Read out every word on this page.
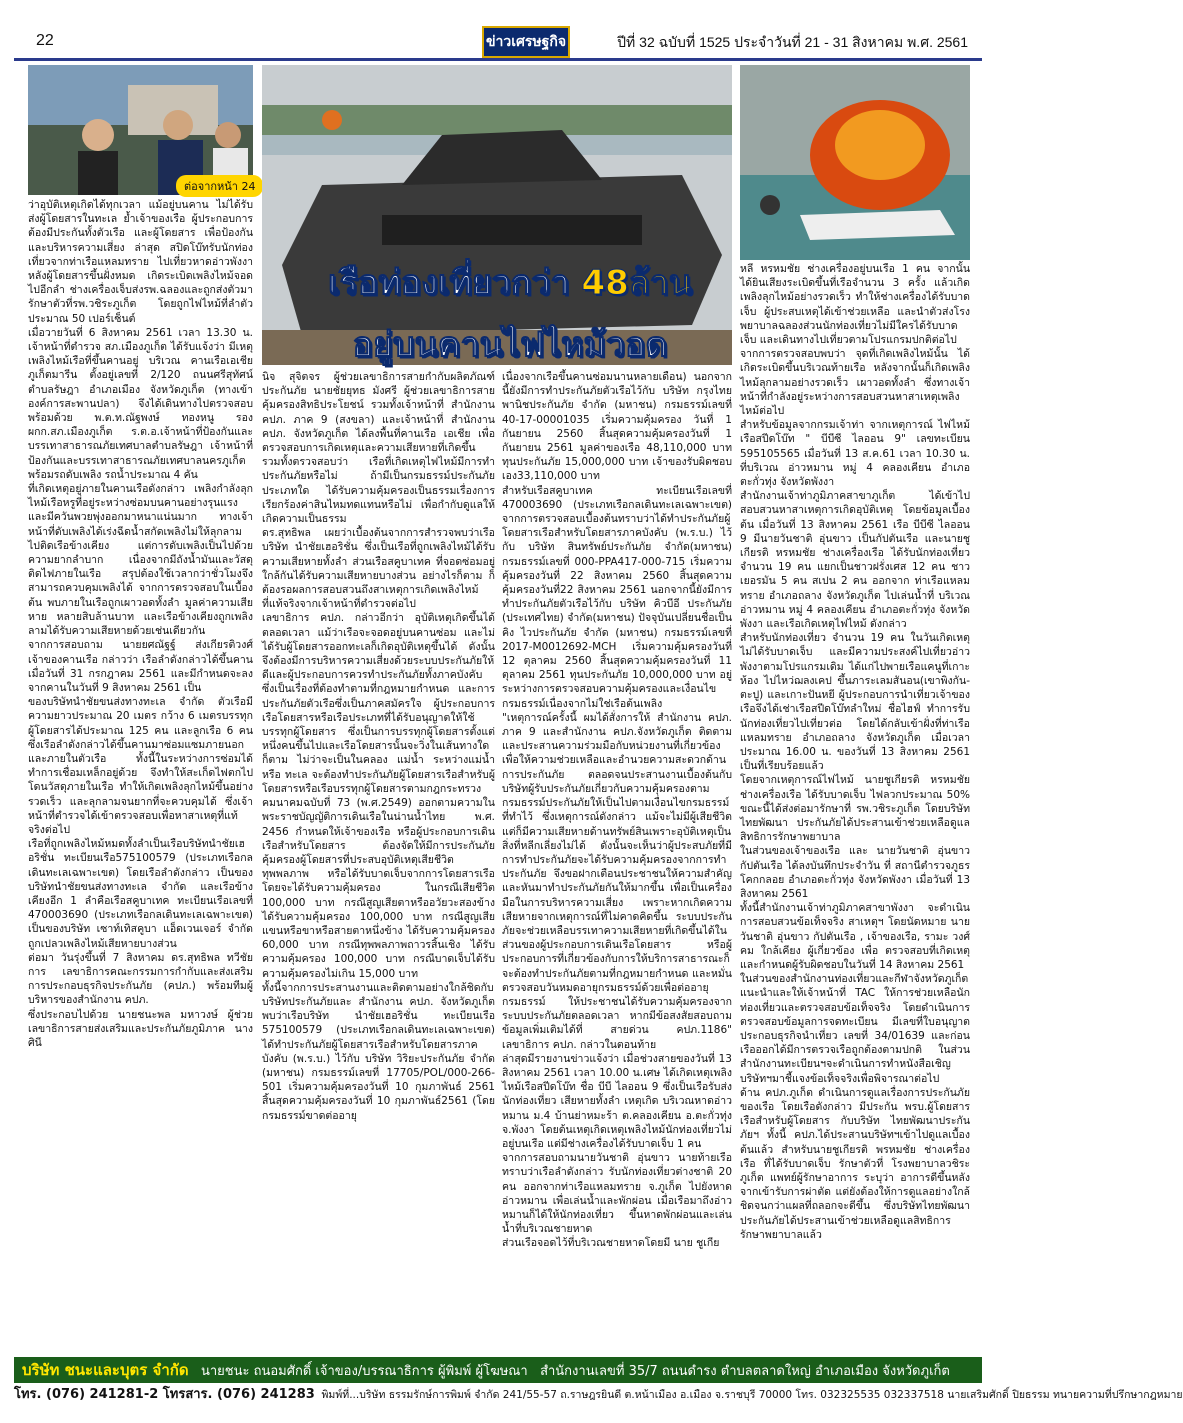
22	ข่าวเศรษฐกิจ	ปีที่ 32 ฉบับที่ 1525 ประจำวันที่ 21 - 31 สิงหาคม พ.ศ. 2561
ต่อจากหน้า 24
เรือท่องเที่ยวกว่า 48ล้าน
อยู่บนคานไฟไหม้วอด
ว่าอุบัติเหตุเกิดได้ทุกเวลา แม้อยู่บนคาน ไม่ได้รับส่งผู้โดยสารในทะเล ย้ำเจ้าของเรือ ผู้ประกอบการต้องมีประกันทั้งตัวเรือ และผู้โดยสาร เพื่อป้องกันและบริหารความเสี่ยง ล่าสุด สปิดโบ๊ทรับนักท่องเที่ยวจากท่าเรือแหลมทราย ไปเที่ยวหาดอ่าวพังงา หลังผู้โดยสารขึ้นฝั่งหมด เกิดระเบิดเพลิงไหม้จอดไปอีกลำ ช่างเครื่องเจ็บส่งรพ.ฉลองและถูกส่งตัวมารักษาตัวที่รพ.วชิระภูเก็ต โดยถูกไฟไหม้ที่ลำตัวประมาณ 50 เปอร์เซ็นต์
เมื่อวายวันที่ 6 สิงหาคม 2561 เวลา 13.30 น. เจ้าหน้าที่ตำรวจ สภ.เมืองภูเก็ต ได้รับแจ้งว่า มีเหตุเพลิงไหม้เรือที่ขึ้นคานอยู่ บริเวณ คานเรือเอเชียภูเก็ตมารีน ตั้งอยู่เลขที่ 2/120 ถนนศรีสุทัศน์ ตำบลรัษฎา อำเภอเมือง จังหวัดภูเก็ต (ทางเข้าองค์การสะพานปลา) จึงได้เดินทางไปตรวจสอบ พร้อมด้วย พ.ต.ท.ณัฐพงษ์ ทองหนู รอง ผกก.สภ.เมืองภูเก็ต ร.ต.อ.เจ้าหน้าที่ป้องกันและบรรเทาสาธารณภัยเทศบาลตำบลรัษฎา เจ้าหน้าที่ป้องกันและบรรเทาสาธารณภัยเทศบาลนครภูเก็ต พร้อมรถดับเพลิง รถน้ำประมาณ 4 คัน
ที่เกิดเหตุอยู่ภายในคานเรือดังกล่าว เพลิงกำลังลุกไหม้เรือหรูที่อยู่ระหว่างซ่อมบนคานอย่างรุนแรง และมีควันพวยพุ่งออกมาหนาแน่นมาก ทางเจ้าหน้าที่ดับเพลิงได้เร่งฉีดน้ำสกัดเพลิงไม่ให้ลุกลามไปติดเรือข้างเคียง แต่การดับเพลิงเป็นไปด้วยความยากลำบาก เนื่องจากมีถังน้ำมันและวัสดุติดไฟภายในเรือ สรุปต้องใช้เวลากว่าชั่วโมงจึงสามารถควบคุมเพลิงได้ จากการตรวจสอบในเบื้องต้น พบภายในเรือถูกเผาวอดทั้งลำ มูลค่าความเสียหาย หลายสิบล้านบาท และเรือข้างเคียงถูกเพลิงลามได้รับความเสียหายด้วยเช่นเดียวกัน
จากการสอบถาม นายยศณัฐฐ์ ส่งเกียรติวงศ์ เจ้าของคานเรือ กล่าวว่า เรือลำดังกล่าวได้ขึ้นคานเมื่อวันที่ 31 กรกฎาคม 2561 และมีกำหนดจะลงจากคานในวันที่ 9 สิงหาคม 2561 เป็น
ของบริษัทนำชัยขนส่งทางทะเล จำกัด ตัวเรือมีความยาวประมาณ 20 เมตร กว้าง 6 เมตรบรรทุกผู้โดยสารได้ประมาณ 125 คน และลูกเรือ 6 คน ซึ่งเรือลำดังกล่าวได้ขึ้นคานมาซ่อมแซมภายนอก และภายในตัวเรือ ทั้งนี้ในระหว่างการซ่อมได้ทำการเชื่อมเหล็กอยู่ด้วย จึงทำให้สะเก็ดไฟตกไปโดนวัสดุภายในเรือ ทำให้เกิดเพลิงลุกไหม้ขึ้นอย่างรวดเร็ว และลุกลามจนยากที่จะควบคุมได้ ซึ่งเจ้าหน้าที่ตำรวจได้เข้าตรวจสอบเพื่อหาสาเหตุที่แท้จริงต่อไป
เรือที่ถูกเพลิงไหม้หมดทั้งลำเป็นเรือบริษัทนำชัยเฮอริชั่น ทะเบียนเรือ575100579 (ประเภทเรือกลเดินทะเลเฉพาะเขต) โดยเรือลำดังกล่าว เป็นของบริษัทนำชัยขนส่งทางทะเล จำกัด และเรือข้างเคียงอีก 1 ลำคือเรือสคูบาเทค ทะเบียนเรือเลขที่ 470003690 (ประเภทเรือกลเดินทะเลเฉพาะเขต) เป็นของบริษัท เซาท์เทิสคูบา แอ็ดเวนเจอร์ จำกัด ถูกเปลวเพลิงไหม้เสียหายบางส่วน
ต่อมา วันรุ่งขึ้นที่ 7 สิงหาคม ดร.สุทธิพล ทวีชัยการ เลขาธิการคณะกรรมการกำกับและส่งเสริมการประกอบธุรกิจประกันภัย (คปภ.) พร้อมทีมผู้บริหารของสำนักงาน คปภ.
ซึ่งประกอบไปด้วย นายชนะพล มหาวงษ์ ผู้ช่วยเลขาธิการสายส่งเสริมและประกันภัยภูมิภาค นางศินี
นิจ สุจิตจร ผู้ช่วยเลขาธิการสายกำกับผลิตภัณฑ์ประกันภัย นายชัยยุทธ มังศรี ผู้ช่วยเลขาธิการสายคุ้มครองสิทธิประโยชน์ รวมทั้งเจ้าหน้าที่ สำนักงาน คปภ. ภาค 9 (สงขลา) และเจ้าหน้าที่ สำนักงาน คปภ. จังหวัดภูเก็ต ได้ลงพื้นที่คานเรือ เอเชีย เพื่อตรวจสอบการเกิดเหตุและความเสียหายที่เกิดขึ้น รวมทั้งตรวจสอบว่า เรือที่เกิดเหตุไฟไหม้มีการทำประกันภัยหรือไม่ ถ้ามีเป็นกรมธรรม์ประกันภัยประเภทใด ได้รับความคุ้มครองเป็นธรรมเรื่องการเรียกร้องค่าสินไหมทดแทนหรือไม่ เพื่อกำกับดูแลให้เกิดความเป็นธรรม
ดร.สุทธิพล เผยว่าเบื้องต้นจากการสำรวจพบว่าเรือ บริษัท นำชัยเฮอริชั่น ซึ่งเป็นเรือที่ถูกเพลิงไหม้ได้รับความเสียหายทั้งลำ ส่วนเรือสคูบาเทค ที่จอดซ่อมอยู่ใกล้กันได้รับความเสียหายบางส่วน อย่างไรก็ตาม ก็ต้องรอผลการสอบสวนถึงสาเหตุการเกิดเพลิงไหม้ที่แท้จริงจากเจ้าหน้าที่ตำรวจต่อไป
เลขาธิการ คปภ. กล่าวอีกว่า อุบัติเหตุเกิดขึ้นได้ตลอดเวลา แม้ว่าเรือจะจอดอยู่บนคานซ่อม และไม่ได้รับผู้โดยสารออกทะเลก็เกิดอุบัติเหตุขึ้นได้ ดังนั้นจึงต้องมีการบริหารความเสี่ยงด้วยระบบประกันภัยให้ดีและผู้ประกอบการควรทำประกันภัยทั้งภาคบังคับ ซึ่งเป็นเรื่องที่ต้องทำตามที่กฎหมายกำหนด และการประกันภัยตัวเรือซึ่งเป็นภาคสมัครใจ ผู้ประกอบการเรือโดยสารหรือเรือประเภทที่ได้รับอนุญาตให้ใช้บรรทุกผู้โดยสาร ซึ่งเป็นการบรรทุกผู้โดยสารตั้งแต่หนึ่งคนขึ้นไปและเรือโดยสารนั้นจะวิ่งในเส้นทางใดก็ตาม ไม่ว่าจะเป็นในคลอง แม่น้ำ ระหว่างแม่น้ำ หรือ ทะเล จะต้องทำประกันภัยผู้โดยสารเรือสำหรับผู้โดยสารหรือเรือบรรทุกผู้โดยสารตามกฎกระทรวงคมนาคมฉบับที่ 73 (พ.ศ.2549) ออกตามความในพระราชบัญญัติการเดินเรือในน่านน้ำไทย พ.ศ. 2456 กำหนดให้เจ้าของเรือ หรือผู้ประกอบการเดินเรือสำหรับโดยสาร ต้องจัดให้มีการประกันภัยคุ้มครองผู้โดยสารที่ประสบอุบัติเหตุเสียชีวิต ทุพพลภาพ หรือได้รับบาดเจ็บจากการโดยสารเรือ โดยจะได้รับความคุ้มครอง ในกรณีเสียชีวิต 100,000 บาท กรณีสูญเสียตาหรืออวัยวะสองข้าง ได้รับความคุ้มครอง 100,000 บาท กรณีสูญเสียแขนหรือขาหรือสายตาหนึ่งข้าง ได้รับความคุ้มครอง 60,000 บาท กรณีทุพพลภาพถาวรสิ้นเชิง ได้รับความคุ้มครอง 100,000 บาท กรณีบาดเจ็บได้รับความคุ้มครองไม่เกิน 15,000 บาท
ทั้งนี้จากการประสานงานและติดตามอย่างใกล้ชิดกับบริษัทประกันภัยและ สำนักงาน คปภ. จังหวัดภูเก็ต พบว่าเรือบริษัท นำชัยเฮอริชั่น ทะเบียนเรือ 575100579 (ประเภทเรือกลเดินทะเลเฉพาะเขต) ได้ทำประกันภัยผู้โดยสารเรือสำหรับโดยสารภาคบังคับ (พ.ร.บ.) ไว้กับ บริษัท วิริยะประกันภัย จำกัด (มหาชน) กรมธรรม์เลขที่ 17705/POL/000-266-501 เริ่มความคุ้มครองวันที่ 10 กุมภาพันธ์ 2561 สิ้นสุดความคุ้มครองวันที่ 10 กุมภาพันธ์2561 (โดยกรมธรรม์ขาดต่ออายุ
เนื่องจากเรือขึ้นคานซ่อมนานหลายเดือน) นอกจากนี้ยังมีการทำประกันภัยตัวเรือไว้กับ บริษัท กรุงไทยพานิชประกันภัย จำกัด (มหาชน) กรมธรรม์เลขที่ 40-17-00001035 เริ่มความคุ้มครอง วันที่ 1 กันยายน 2560 สิ้นสุดความคุ้มครองวันที่ 1 กันยายน 2561 มูลค่าของเรือ 48,110,000 บาท ทุนประกันภัย 15,000,000 บาท เจ้าของรับผิดชอบเอง33,110,000 บาท
สำหรับเรือสคูบาเทค ทะเบียนเรือเลขที่ 470003690 (ประเภทเรือกลเดินทะเลเฉพาะเขต) จากการตรวจสอบเบื้องต้นทราบว่าได้ทำประกันภัยผู้โดยสารเรือสำหรับโดยสารภาคบังคับ (พ.ร.บ.) ไว้กับ บริษัท สินทรัพย์ประกันภัย จำกัด(มหาชน) กรมธรรม์เลขที่ 000-PPA417-000-715 เริ่มความคุ้มครองวันที่ 22 สิงหาคม 2560 สิ้นสุดความคุ้มครองวันที่22 สิงหาคม 2561 นอกจากนี้ยังมีการทำประกันภัยตัวเรือไว้กับ บริษัท คิวบีอี ประกันภัย (ประเทศไทย) จำกัด(มหาชน) ปัจจุบันเปลี่ยนชื่อเป็น คิง ไวประกันภัย จำกัด (มหาชน) กรมธรรม์เลขที่ 2017-M0012692-MCH เริ่มความคุ้มครองวันที่ 12 ตุลาคม 2560 สิ้นสุดความคุ้มครองวันที่ 11 ตุลาคม 2561 ทุนประกันภัย 10,000,000 บาท อยู่ระหว่างการตรวจสอบความคุ้มครองและเงื่อนไขกรมธรรม์เนื่องจากไม่ใช่เรือต้นเพลิง
"เหตุการณ์ครั้งนี้ ผมได้สั่งการให้ สำนักงาน คปภ. ภาค 9 และสำนักงาน คปภ.จังหวัดภูเก็ต ติดตามและประสานความร่วมมือกับหน่วยงานที่เกี่ยวข้องเพื่อให้ความช่วยเหลือและอำนวยความสะดวกด้านการประกันภัย ตลอดจนประสานงานเบื้องต้นกับบริษัทผู้รับประกันภัยเกี่ยวกับความคุ้มครองตามกรมธรรม์ประกันภัยให้เป็นไปตามเงื่อนไขกรมธรรม์ที่ทำไว้ ซึ่งเหตุการณ์ดังกล่าว แม้จะไม่มีผู้เสียชีวิต แต่ก็มีความเสียหายด้านทรัพย์สินเพราะอุบัติเหตุเป็นสิ่งที่หลีกเลี่ยงไม่ได้ ดังนั้นจะเห็นว่าผู้ประสบภัยที่มีการทำประกันภัยจะได้รับความคุ้มครองจากการทำประกันภัย จึงขอฝากเตือนประชาชนให้ความสำคัญ และหันมาทำประกันภัยกันให้มากขึ้น เพื่อเป็นเครื่องมือในการบริหารความเสี่ยง เพราะหากเกิดความเสียหายจากเหตุการณ์ที่ไม่คาดคิดขึ้น ระบบประกันภัยจะช่วยเหลือบรรเทาความเสียหายที่เกิดขึ้นได้ในส่วนของผู้ประกอบการเดินเรือโดยสาร หรือผู้ประกอบการที่เกี่ยวข้องกับการให้บริการสาธารณะก็จะต้องทำประกันภัยตามที่กฎหมายกำหนด และหมั่นตรวจสอบวันหมดอายุกรมธรรม์ด้วยเพื่อต่ออายุกรมธรรม์ ให้ประชาชนได้รับความคุ้มครองจากระบบประกันภัยตลอดเวลา หากมีข้อสงสัยสอบถามข้อมูลเพิ่มเติมได้ที่ สายด่วน คปภ.1186" เลขาธิการ คปภ. กล่าวในตอนท้าย
ล่าสุดมีรายงานข่าวแจ้งว่า เมื่อช่วงสายของวันที่ 13 สิงหาคม 2561 เวลา 10.00 น.เศษ ได้เกิดเหตุเพลิงไหม้เรือสปีดโบ๊ท ชื่อ บีบี ไลออน 9 ซึ่งเป็นเรือรับส่งนักท่องเที่ยว เสียหายทั้งลำ เหตุเกิด บริเวณหาดอ่าวหมาน ม.4 บ้านย่าหมะร้า ต.คลองเคียน อ.ตะกั่วทุ่ง จ.พังงา โดยต้นเหตุเกิดเหตุเพลิงไหม้นักท่องเที่ยวไม่อยู่บนเรือ แต่มีช่างเครื่องได้รับบาดเจ็บ 1 คน
จากการสอบถามนายวันชาติ อุ่นขาว นายท้ายเรือ ทราบว่าเรือลำดังกล่าว รับนักท่องเที่ยวต่างชาติ 20 คน ออกจากท่าเรือแหลมทราย จ.ภูเก็ต ไปยังหาดอ่าวหมาน เพื่อเล่นน้ำและพักผ่อน เมื่อเรือมาถึงอ่าวหมานก็ได้ให้นักท่องเที่ยว ขึ้นหาดพักผ่อนและเล่นน้ำที่บริเวณชายหาด
ส่วนเรือจอดไว้ที่บริเวณชายหาดโดยมี นาย ชูเกีย
หลี หรหมชัย ช่างเครื่องอยู่บนเรือ 1 คน จากนั้นได้ยินเสียงระเบิดขึ้นที่เรือจำนวน 3 ครั้ง แล้วเกิดเพลิงลุกไหม้อย่างรวดเร็ว ทำให้ช่างเครื่องได้รับบาดเจ็บ ผู้ประสบเหตุได้เข้าช่วยเหลือ และนำตัวส่งโรงพยาบาลฉลองส่วนนักท่องเที่ยวไม่มีใครได้รับบาดเจ็บ และเดินทางไปเที่ยวตามโปรแกรมปกติต่อไป
จากการตรวจสอบพบว่า จุดที่เกิดเพลิงไหม้นั้น ได้เกิดระเบิดขึ้นบริเวณท้ายเรือ หลังจากนั้นก็เกิดเพลิงไหม้ลุกลามอย่างรวดเร็ว เผาวอดทั้งลำ ซึ่งทางเจ้าหน้าที่กำลังอยู่ระหว่างการสอบสวนหาสาเหตุเพลิงไหม้ต่อไป
สำหรับข้อมูลจากกรมเจ้าท่า จากเหตุการณ์ ไฟไหม้เรือสปีดโบ๊ท " บีบีซี ไลออน 9" เลขทะเบียน 595105565 เมื่อวันที่ 13 ส.ค.61 เวลา 10.30 น. ที่บริเวณ อ่าวหมาน หมู่ 4 คลองเคียน อำเภอตะกั่วทุ่ง จังหวัดพังงา
สำนักงานเจ้าท่าภูมิภาคสาขาภูเก็ต ได้เข้าไปสอบสวนหาสาเหตุการเกิดอุบัติเหตุ โดยข้อมูลเบื้องต้น เมื่อวันที่ 13 สิงหาคม 2561 เรือ บีบีซี ไลออน 9 มีนายวันชาติ อุ่นขาว เป็นกัปตันเรือ และนายชูเกียรติ หรหมชัย ช่างเครื่องเรือ ได้รับนักท่องเที่ยว จำนวน 19 คน แยกเป็นชาวฝรั่งเศส 12 คน ชาวเยอรมัน 5 คน สเปน 2 คน ออกจาก ท่าเรือแหลมทราย อำเภอถลาง จังหวัดภูเก็ต ไปเล่นน้ำที่ บริเวณ อ่าวหมาน หมู่ 4 คลองเคียน อำเภอตะกั่วทุ่ง จังหวัดพังงา และเรือเกิดเหตุไฟไหม้ ดังกล่าว
สำหรับนักท่องเที่ยว จำนวน 19 คน ในวันเกิดเหตุไม่ได้รับบาดเจ็บ และมีความประสงค์ไปเที่ยวอ่าวพังงาตามโปรแกรมเดิม ได้แก่ไปพายเรือแคนูที่เกาะห้อง ไปไหว่ฌลงเคป ขึ้นภาระเลมสันอน(เขาพิงกัน-ตะปู) และเกาะปันหยี ผู้ประกอบการนำเที่ยวเจ้าของเรือจึงได้เช่าเรือสปีดโบ๊ทลำใหม่ ชื่อไฮฟ์ ทำการรับนักท่องเที่ยวไปเที่ยวต่อ โดยได้กลับเข้าฝั่งที่ท่าเรือแหลมทราย อำเภอถลาง จังหวัดภูเก็ต เมื่อเวลาประมาณ 16.00 น. ของวันที่ 13 สิงหาคม 2561 เป็นที่เรียบร้อยแล้ว
โดยจากเหตุการณ์ไฟไหม้ นายชูเกียรติ หรหมชัย ช่างเครื่องเรือ ได้รับบาดเจ็บ ไฟลวกประมาณ 50% ขณะนี้ได้ส่งต่อมารักษาที่ รพ.วชิระภูเก็ต โดยบริษัทไทยพัฒนา ประกันภัยได้ประสานเข้าช่วยเหลือดูแลสิทธิการรักษาพยาบาล
ในส่วนของเจ้าของเรือ และ นายวันชาติ อุ่นขาว กัปตันเรือ ได้ลงบันทึกประจำวัน ที่ สถานีตำรวจภูธรโคกกลอย อำเภอตะกั่วทุ่ง จังหวัดพังงา เมื่อวันที่ 13 สิงหาคม 2561
ทั้งนี้สำนักงานเจ้าท่าภูมิภาคสาขาพังงา จะดำเนินการสอบสวนข้อเท็จจริง สาเหตุฯ โดยนัดหมาย นายวันชาติ อุ่นขาว กัปตันเรือ , เจ้าของเรือ, รามะ วงศ์คม ใกล้เคียง ผู้เกี่ยวข้อง เพื่อ ตรวจสอบที่เกิดเหตุ และกำหนดผู้รับผิดชอบในวันที่ 14 สิงหาคม 2561
ในส่วนของสำนักงานท่องเที่ยวและกีฬาจังหวัดภูเก็ตแนะนำและให้เจ้าหน้าที่ TAC ให้การช่วยเหลือนักท่องเที่ยวและตรวจสอบข้อเท็จจริง โดยดำเนินการตรวจสอบข้อมูลการจดทะเบียน มีเลขที่ใบอนุญาตประกอบธุรกิจนำเที่ยว เลขที่ 34/01639 และก่อนเรือออกได้มีการตรวจเรือถูกต้องตามปกติ ในส่วนสำนักงานทะเบียนฯจะดำเนินการทำหนังสือเชิญบริษัทฯมาชี้แจงข้อเท็จจริงเพื่อพิจารณาต่อไป
ด้าน คปภ.ภูเก็ต ดำเนินการดูแลเรื่องการประกันภัยของเรือ โดยเรือดังกล่าว มีประกัน พรบ.ผู้โดยสาร เรือสำหรับผู้โดยสาร กับบริษัท ไทยพัฒนาประกันภัยฯ ทั้งนี้ คปภ.ได้ประสานบริษัทฯเข้าไปดูแลเบื้องต้นแล้ว สำหรับนายชูเกียรติ พรหมชัย ช่างเครื่องเรือ ที่ได้รับบาดเจ็บ รักษาตัวที่ โรงพยาบาลวชิระภูเก็ต แพทย์ผู้รักษาอาการ ระบุว่า อาการดีขึ้นหลังจากเข้ารับการผ่าตัด แต่ยังต้องให้การดูแลอย่างใกล้ชิดจนกว่าแผลที่ถลอกจะดีขึ้น ซึ่งบริษัทไทยพัฒนา ประกันภัยได้ประสานเข้าช่วยเหลือดูแลสิทธิการรักษาพยาบาลแล้ว
บริษัท ชนะและบุตร จำกัด นายชนะ ถนอมศักดิ์ เจ้าของ/บรรณาธิการ ผู้พิมพ์ ผู้โฆษณา สำนักงานเลขที่ 35/7 ถนนดำรง ตำบลตลาดใหญ่ อำเภอเมือง จังหวัดภูเก็ต
โทร. (076) 241281-2 โทรสาร. (076) 241283 พิมพ์ที่...บริษัท ธรรมรักษ์การพิมพ์ จำกัด 241/55-57 ถ.ราษฎรยินดี ต.หน้าเมือง อ.เมือง จ.ราชบุรี 70000 โทร. 032325535 032337518 นายเสริมศักดิ์ ปิยธรรม ทนายความที่ปรึกษากฎหมาย
